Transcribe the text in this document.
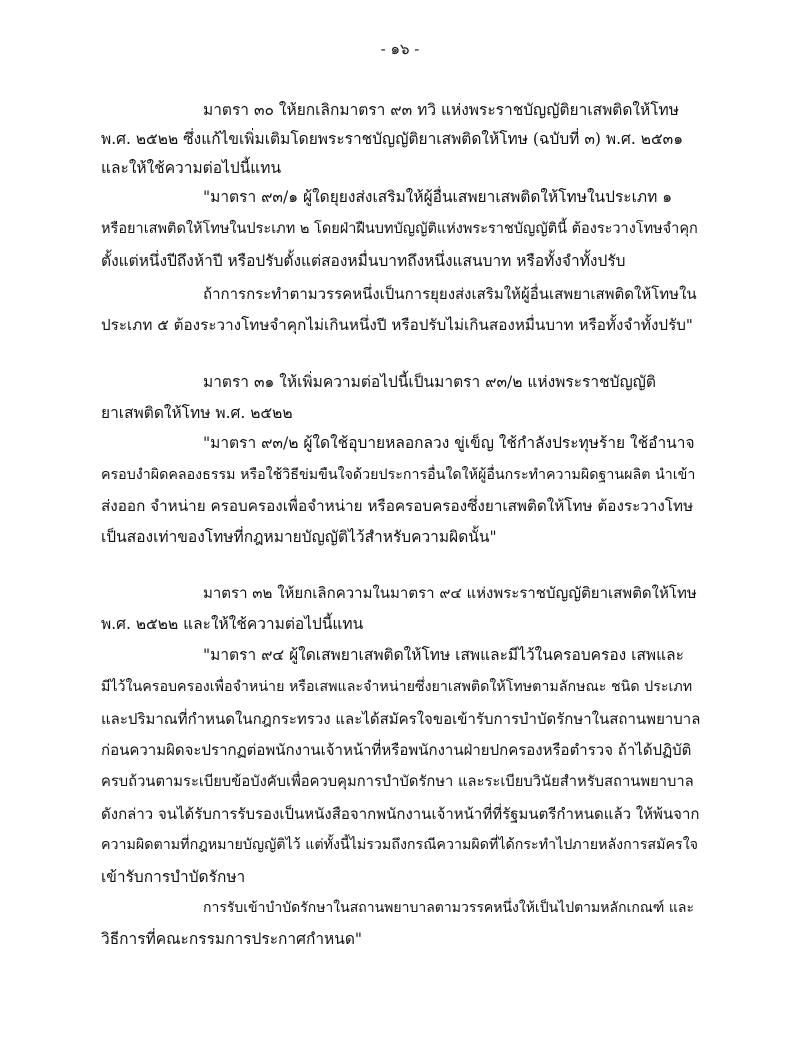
- ๑๖ -
มาตรา ๓๐ ให้ยกเลิกมาตรา ๙๓ ทวิ แห่งพระราชบัญญัติยาเสพติดให้โทษ
พ.ศ. ๒๕๒๒ ซึ่งแก้ไขเพิ่มเติมโดยพระราชบัญญัติยาเสพติดให้โทษ (ฉบับที่ ๓) พ.ศ. ๒๕๓๑
และให้ใช้ความต่อไปนี้แทน
"มาตรา ๙๓/๑ ผู้ใดยุยงส่งเสริมให้ผู้อื่นเสพยาเสพติดให้โทษในประเภท ๑
หรือยาเสพติดให้โทษในประเภท ๒ โดยฝ่าฝืนบทบัญญัติแห่งพระราชบัญญัตินี้ ต้องระวางโทษจำคุก
ตั้งแต่หนึ่งปีถึงห้าปี หรือปรับตั้งแต่สองหมื่นบาทถึงหนึ่งแสนบาท หรือทั้งจำทั้งปรับ
ถ้าการกระทำตามวรรคหนึ่งเป็นการยุยงส่งเสริมให้ผู้อื่นเสพยาเสพติดให้โทษใน
ประเภท ๕ ต้องระวางโทษจำคุกไม่เกินหนึ่งปี หรือปรับไม่เกินสองหมื่นบาท หรือทั้งจำทั้งปรับ"
มาตรา ๓๑ ให้เพิ่มความต่อไปนี้เป็นมาตรา ๙๓/๒ แห่งพระราชบัญญัติ
ยาเสพติดให้โทษ พ.ศ. ๒๕๒๒
"มาตรา ๙๓/๒ ผู้ใดใช้อุบายหลอกลวง ขู่เข็ญ ใช้กำลังประทุษร้าย ใช้อำนาจ
ครอบงำผิดคลองธรรม หรือใช้วิธีข่มขืนใจด้วยประการอื่นใดให้ผู้อื่นกระทำความผิดฐานผลิต นำเข้า
ส่งออก จำหน่าย ครอบครองเพื่อจำหน่าย หรือครอบครองซึ่งยาเสพติดให้โทษ ต้องระวางโทษ
เป็นสองเท่าของโทษที่กฎหมายบัญญัติไว้สำหรับความผิดนั้น"
มาตรา ๓๒ ให้ยกเลิกความในมาตรา ๙๔ แห่งพระราชบัญญัติยาเสพติดให้โทษ
พ.ศ. ๒๕๒๒ และให้ใช้ความต่อไปนี้แทน
"มาตรา ๙๔ ผู้ใดเสพยาเสพติดให้โทษ เสพและมีไว้ในครอบครอง เสพและ
มีไว้ในครอบครองเพื่อจำหน่าย หรือเสพและจำหน่ายซึ่งยาเสพติดให้โทษตามลักษณะ ชนิด ประเภท
และปริมาณที่กำหนดในกฎกระทรวง และได้สมัครใจขอเข้ารับการบำบัดรักษาในสถานพยาบาล
ก่อนความผิดจะปรากฏต่อพนักงานเจ้าหน้าที่หรือพนักงานฝ่ายปกครองหรือตำรวจ ถ้าได้ปฏิบัติ
ครบถ้วนตามระเบียบข้อบังคับเพื่อควบคุมการบำบัดรักษา และระเบียบวินัยสำหรับสถานพยาบาล
ดังกล่าว จนได้รับการรับรองเป็นหนังสือจากพนักงานเจ้าหน้าที่ที่รัฐมนตรีกำหนดแล้ว ให้พ้นจาก
ความผิดตามที่กฎหมายบัญญัติไว้ แต่ทั้งนี้ไม่รวมถึงกรณีความผิดที่ได้กระทำไปภายหลังการสมัครใจ
เข้ารับการบำบัดรักษา
การรับเข้าบำบัดรักษาในสถานพยาบาลตามวรรคหนึ่งให้เป็นไปตามหลักเกณฑ์ และ
วิธีการที่คณะกรรมการประกาศกำหนด"
